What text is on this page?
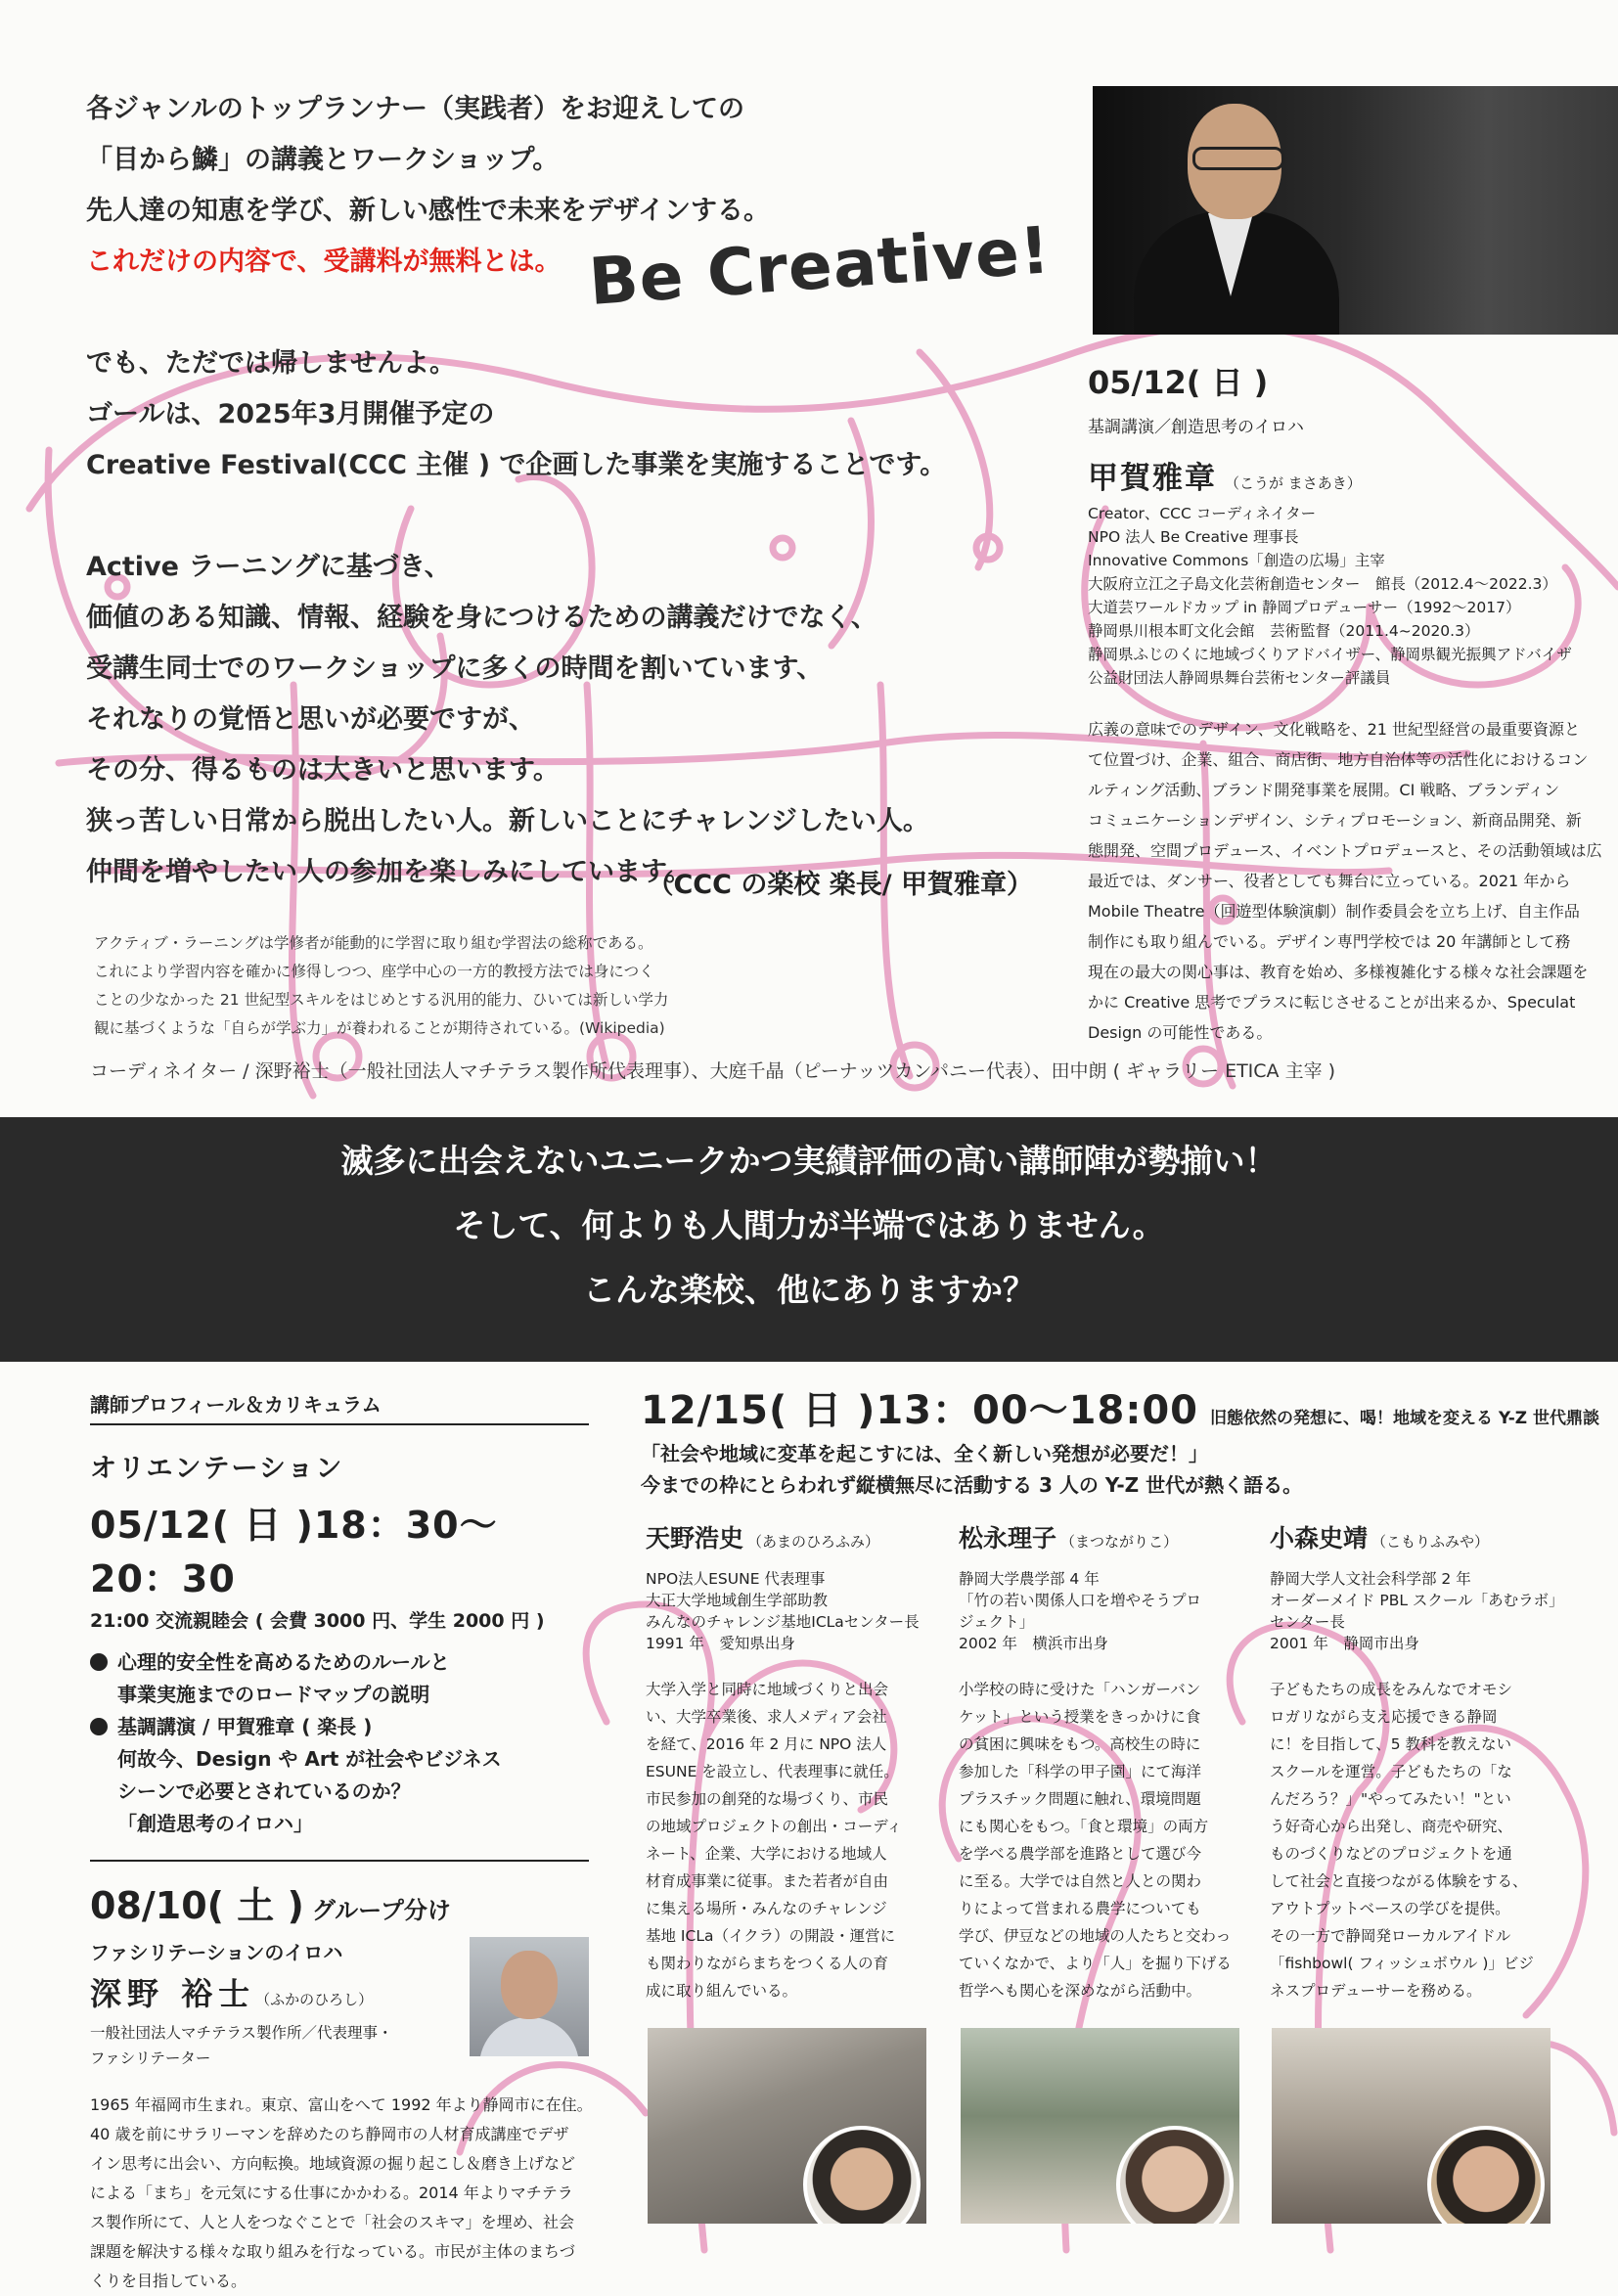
各ジャンルのトップランナー（実践者）をお迎えしての
「目から鱗」の講義とワークショップ。
先人達の知恵を学び、新しい感性で未来をデザインする。
これだけの内容で、受講料が無料とは。
でも、ただでは帰しませんよ。
ゴールは、2025年3月開催予定の
Creative Festival(CCC 主催 ) で企画した事業を実施することです。
Active ラーニングに基づき、
価値のある知識、情報、経験を身につけるための講義だけでなく、
受講生同士でのワークショップに多くの時間を割いています、
それなりの覚悟と思いが必要ですが、
その分、得るものは大きいと思います。
狭っ苦しい日常から脱出したい人。新しいことにチャレンジしたい人。
仲間を増やしたい人の参加を楽しみにしています。
Be Creative!
（CCC の楽校 楽長/ 甲賀雅章）
アクティブ・ラーニングは学修者が能動的に学習に取り組む学習法の総称である。
これにより学習内容を確かに修得しつつ、座学中心の一方的教授方法では身につく
ことの少なかった 21 世紀型スキルをはじめとする汎用的能力、ひいては新しい学力
観に基づくような「自らが学ぶ力」が養われることが期待されている。(Wikipedia)
コーディネイター / 深野裕士（一般社団法人マチテラス製作所代表理事）、大庭千晶（ピーナッツカンパニー代表）、田中朗 ( ギャラリー ETICA 主宰 )
05/12( 日 )
基調講演／創造思考のイロハ
甲賀雅章 （こうが まさあき）
Creator、CCC コーディネイター
NPO 法人 Be Creative 理事長
Innovative Commons「創造の広場」主宰
大阪府立江之子島文化芸術創造センター　館長（2012.4～2022.3）
大道芸ワールドカップ in 静岡プロデューサー（1992～2017）
静岡県川根本町文化会館　芸術監督（2011.4~2020.3）
静岡県ふじのくに地域づくりアドバイザー、静岡県観光振興アドバイザ
公益財団法人静岡県舞台芸術センター評議員
広義の意味でのデザイン、文化戦略を、21 世紀型経営の最重要資源と
て位置づけ、企業、組合、商店街、地方自治体等の活性化におけるコン
ルティング活動、ブランド開発事業を展開。CI 戦略、ブランディン
コミュニケーションデザイン、シティプロモーション、新商品開発、新
態開発、空間プロデュース、イベントプロデュースと、その活動領域は広
最近では、ダンサー、役者としても舞台に立っている。2021 年から
Mobile Theatre（回遊型体験演劇）制作委員会を立ち上げ、自主作品
制作にも取り組んでいる。デザイン専門学校では 20 年講師として務
現在の最大の関心事は、教育を始め、多様複雑化する様々な社会課題を
かに Creative 思考でプラスに転じさせることが出来るか、Speculat
Design の可能性である。
滅多に出会えないユニークかつ実績評価の高い講師陣が勢揃い！
そして、何よりも人間力が半端ではありません。
こんな楽校、他にありますか？
講師プロフィール＆カリキュラム
オリエンテーション
05/12( 日 )18：30～20：30
21:00 交流親睦会 ( 会費 3000 円、学生 2000 円 )
心理的安全性を高めるためのルールと
事業実施までのロードマップの説明
基調講演 / 甲賀雅章 ( 楽長 )
何故今、Design や Art が社会やビジネス
シーンで必要とされているのか？
「創造思考のイロハ」
08/10( 土 ) グループ分け
ファシリテーションのイロハ
深野 裕士（ふかのひろし）
一般社団法人マチテラス製作所／代表理事・
ファシリテーター
1965 年福岡市生まれ。東京、富山をへて 1992 年より静岡市に在住。
40 歳を前にサラリーマンを辞めたのち静岡市の人材育成講座でデザ
イン思考に出会い、方向転換。地域資源の掘り起こし＆磨き上げなど
による「まち」を元気にする仕事にかかわる。2014 年よりマチテラ
ス製作所にて、人と人をつなぐことで「社会のスキマ」を埋め、社会
課題を解決する様々な取り組みを行なっている。市民が主体のまちづ
くりを目指している。
12/15( 日 )13：00～18:00 旧態依然の発想に、喝！地域を変える Y-Z 世代鼎談
「社会や地域に変革を起こすには、全く新しい発想が必要だ！」
今までの枠にとらわれず縦横無尽に活動する 3 人の Y-Z 世代が熱く語る。
天野浩史 （あまのひろふみ）
NPO法人ESUNE 代表理事
大正大学地域創生学部助教
みんなのチャレンジ基地ICLaセンター長
1991 年　愛知県出身
大学入学と同時に地域づくりと出会
い、大学卒業後、求人メディア会社
を経て、2016 年 2 月に NPO 法人
ESUNE を設立し、代表理事に就任。
市民参加の創発的な場づくり、市民
の地域プロジェクトの創出・コーディ
ネート、企業、大学における地域人
材育成事業に従事。また若者が自由
に集える場所・みんなのチャレンジ
基地 ICLa（イクラ）の開設・運営に
も関わりながらまちをつくる人の育
成に取り組んでいる。
松永理子 （まつながりこ）
静岡大学農学部 4 年
「竹の若い関係人口を増やそうプロ
ジェクト」
2002 年　横浜市出身
小学校の時に受けた「ハンガーバン
ケット」という授業をきっかけに食
の貧困に興味をもつ。高校生の時に
参加した「科学の甲子園」にて海洋
プラスチック問題に触れ、環境問題
にも関心をもつ。「食と環境」の両方
を学べる農学部を進路として選び今
に至る。大学では自然と人との関わ
りによって営まれる農学についても
学び、伊豆などの地域の人たちと交わっ
ていくなかで、より「人」を掘り下げる
哲学へも関心を深めながら活動中。
小森史靖 （こもりふみや）
静岡大学人文社会科学部 2 年
オーダーメイド PBL スクール「あむラボ」
センター長
2001 年　静岡市出身
子どもたちの成長をみんなでオモシ
ロガリながら支え応援できる静岡
に！を目指して、5 教科を教えない
スクールを運営。子どもたちの「な
んだろう？」"やってみたい！"とい
う好奇心から出発し、商売や研究、
ものづくりなどのプロジェクトを通
して社会と直接つながる体験をする、
アウトプットベースの学びを提供。
その一方で静岡発ローカルアイドル
「fishbowl( フィッシュボウル )」ビジ
ネスプロデューサーを務める。
